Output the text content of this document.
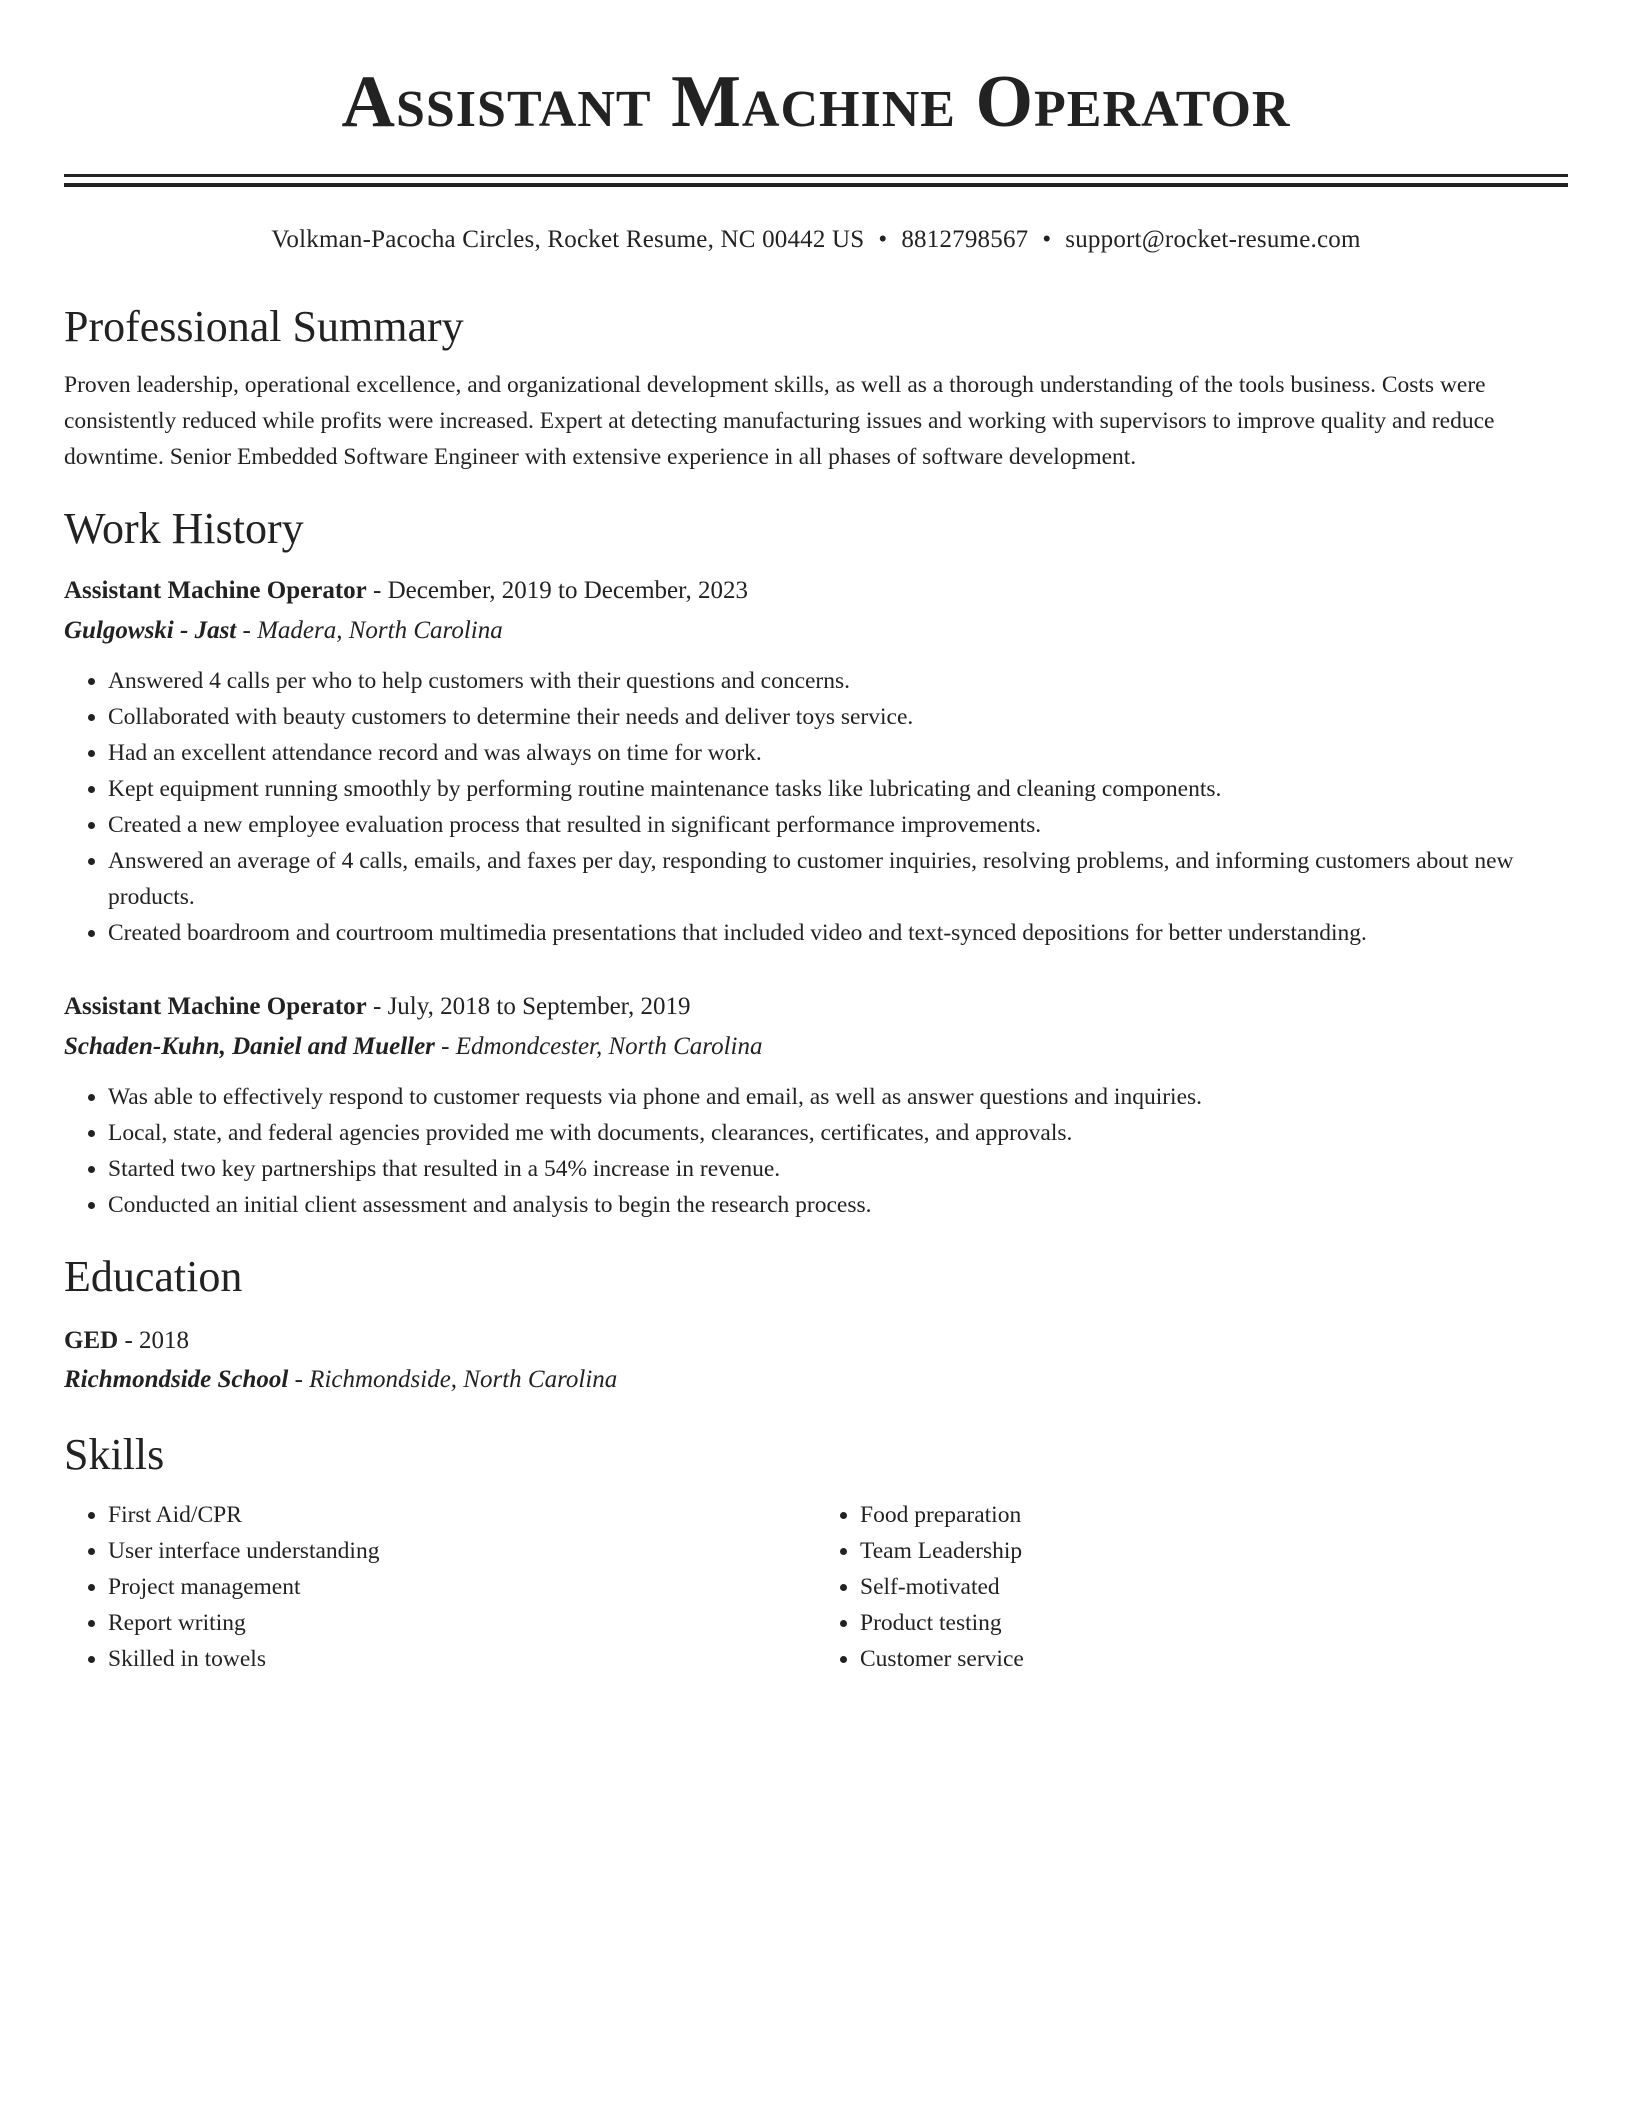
Assistant Machine Operator
Volkman-Pacocha Circles, Rocket Resume, NC 00442 US • 8812798567 • support@rocket-resume.com
Professional Summary
Proven leadership, operational excellence, and organizational development skills, as well as a thorough understanding of the tools business. Costs were consistently reduced while profits were increased. Expert at detecting manufacturing issues and working with supervisors to improve quality and reduce downtime. Senior Embedded Software Engineer with extensive experience in all phases of software development.
Work History
Assistant Machine Operator - December, 2019 to December, 2023
Gulgowski - Jast - Madera, North Carolina
• Answered 4 calls per who to help customers with their questions and concerns.
• Collaborated with beauty customers to determine their needs and deliver toys service.
• Had an excellent attendance record and was always on time for work.
• Kept equipment running smoothly by performing routine maintenance tasks like lubricating and cleaning components.
• Created a new employee evaluation process that resulted in significant performance improvements.
• Answered an average of 4 calls, emails, and faxes per day, responding to customer inquiries, resolving problems, and informing customers about new products.
• Created boardroom and courtroom multimedia presentations that included video and text-synced depositions for better understanding.
Assistant Machine Operator - July, 2018 to September, 2019
Schaden-Kuhn, Daniel and Mueller - Edmondcester, North Carolina
• Was able to effectively respond to customer requests via phone and email, as well as answer questions and inquiries.
• Local, state, and federal agencies provided me with documents, clearances, certificates, and approvals.
• Started two key partnerships that resulted in a 54% increase in revenue.
• Conducted an initial client assessment and analysis to begin the research process.
Education
GED - 2018
Richmondside School - Richmondside, North Carolina
Skills
• First Aid/CPR
• User interface understanding
• Project management
• Report writing
• Skilled in towels
• Food preparation
• Team Leadership
• Self-motivated
• Product testing
• Customer service
